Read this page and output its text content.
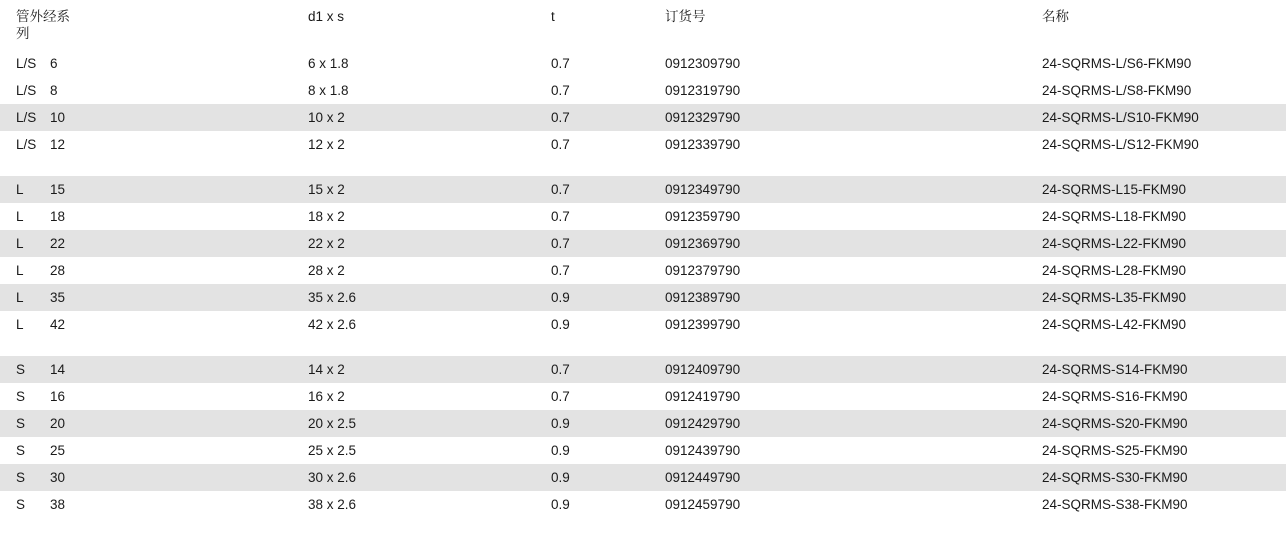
管外经系
列		d1 x s	t	订货号	名称
L/S	6	6 x 1.8	0.7	0912309790	24-SQRMS-L/S6-FKM90
L/S	8	8 x 1.8	0.7	0912319790	24-SQRMS-L/S8-FKM90
L/S	10	10 x 2	0.7	0912329790	24-SQRMS-L/S10-FKM90
L/S	12	12 x 2	0.7	0912339790	24-SQRMS-L/S12-FKM90

L	15	15 x 2	0.7	0912349790	24-SQRMS-L15-FKM90
L	18	18 x 2	0.7	0912359790	24-SQRMS-L18-FKM90
L	22	22 x 2	0.7	0912369790	24-SQRMS-L22-FKM90
L	28	28 x 2	0.7	0912379790	24-SQRMS-L28-FKM90
L	35	35 x 2.6	0.9	0912389790	24-SQRMS-L35-FKM90
L	42	42 x 2.6	0.9	0912399790	24-SQRMS-L42-FKM90

S	14	14 x 2	0.7	0912409790	24-SQRMS-S14-FKM90
S	16	16 x 2	0.7	0912419790	24-SQRMS-S16-FKM90
S	20	20 x 2.5	0.9	0912429790	24-SQRMS-S20-FKM90
S	25	25 x 2.5	0.9	0912439790	24-SQRMS-S25-FKM90
S	30	30 x 2.6	0.9	0912449790	24-SQRMS-S30-FKM90
S	38	38 x 2.6	0.9	0912459790	24-SQRMS-S38-FKM90
